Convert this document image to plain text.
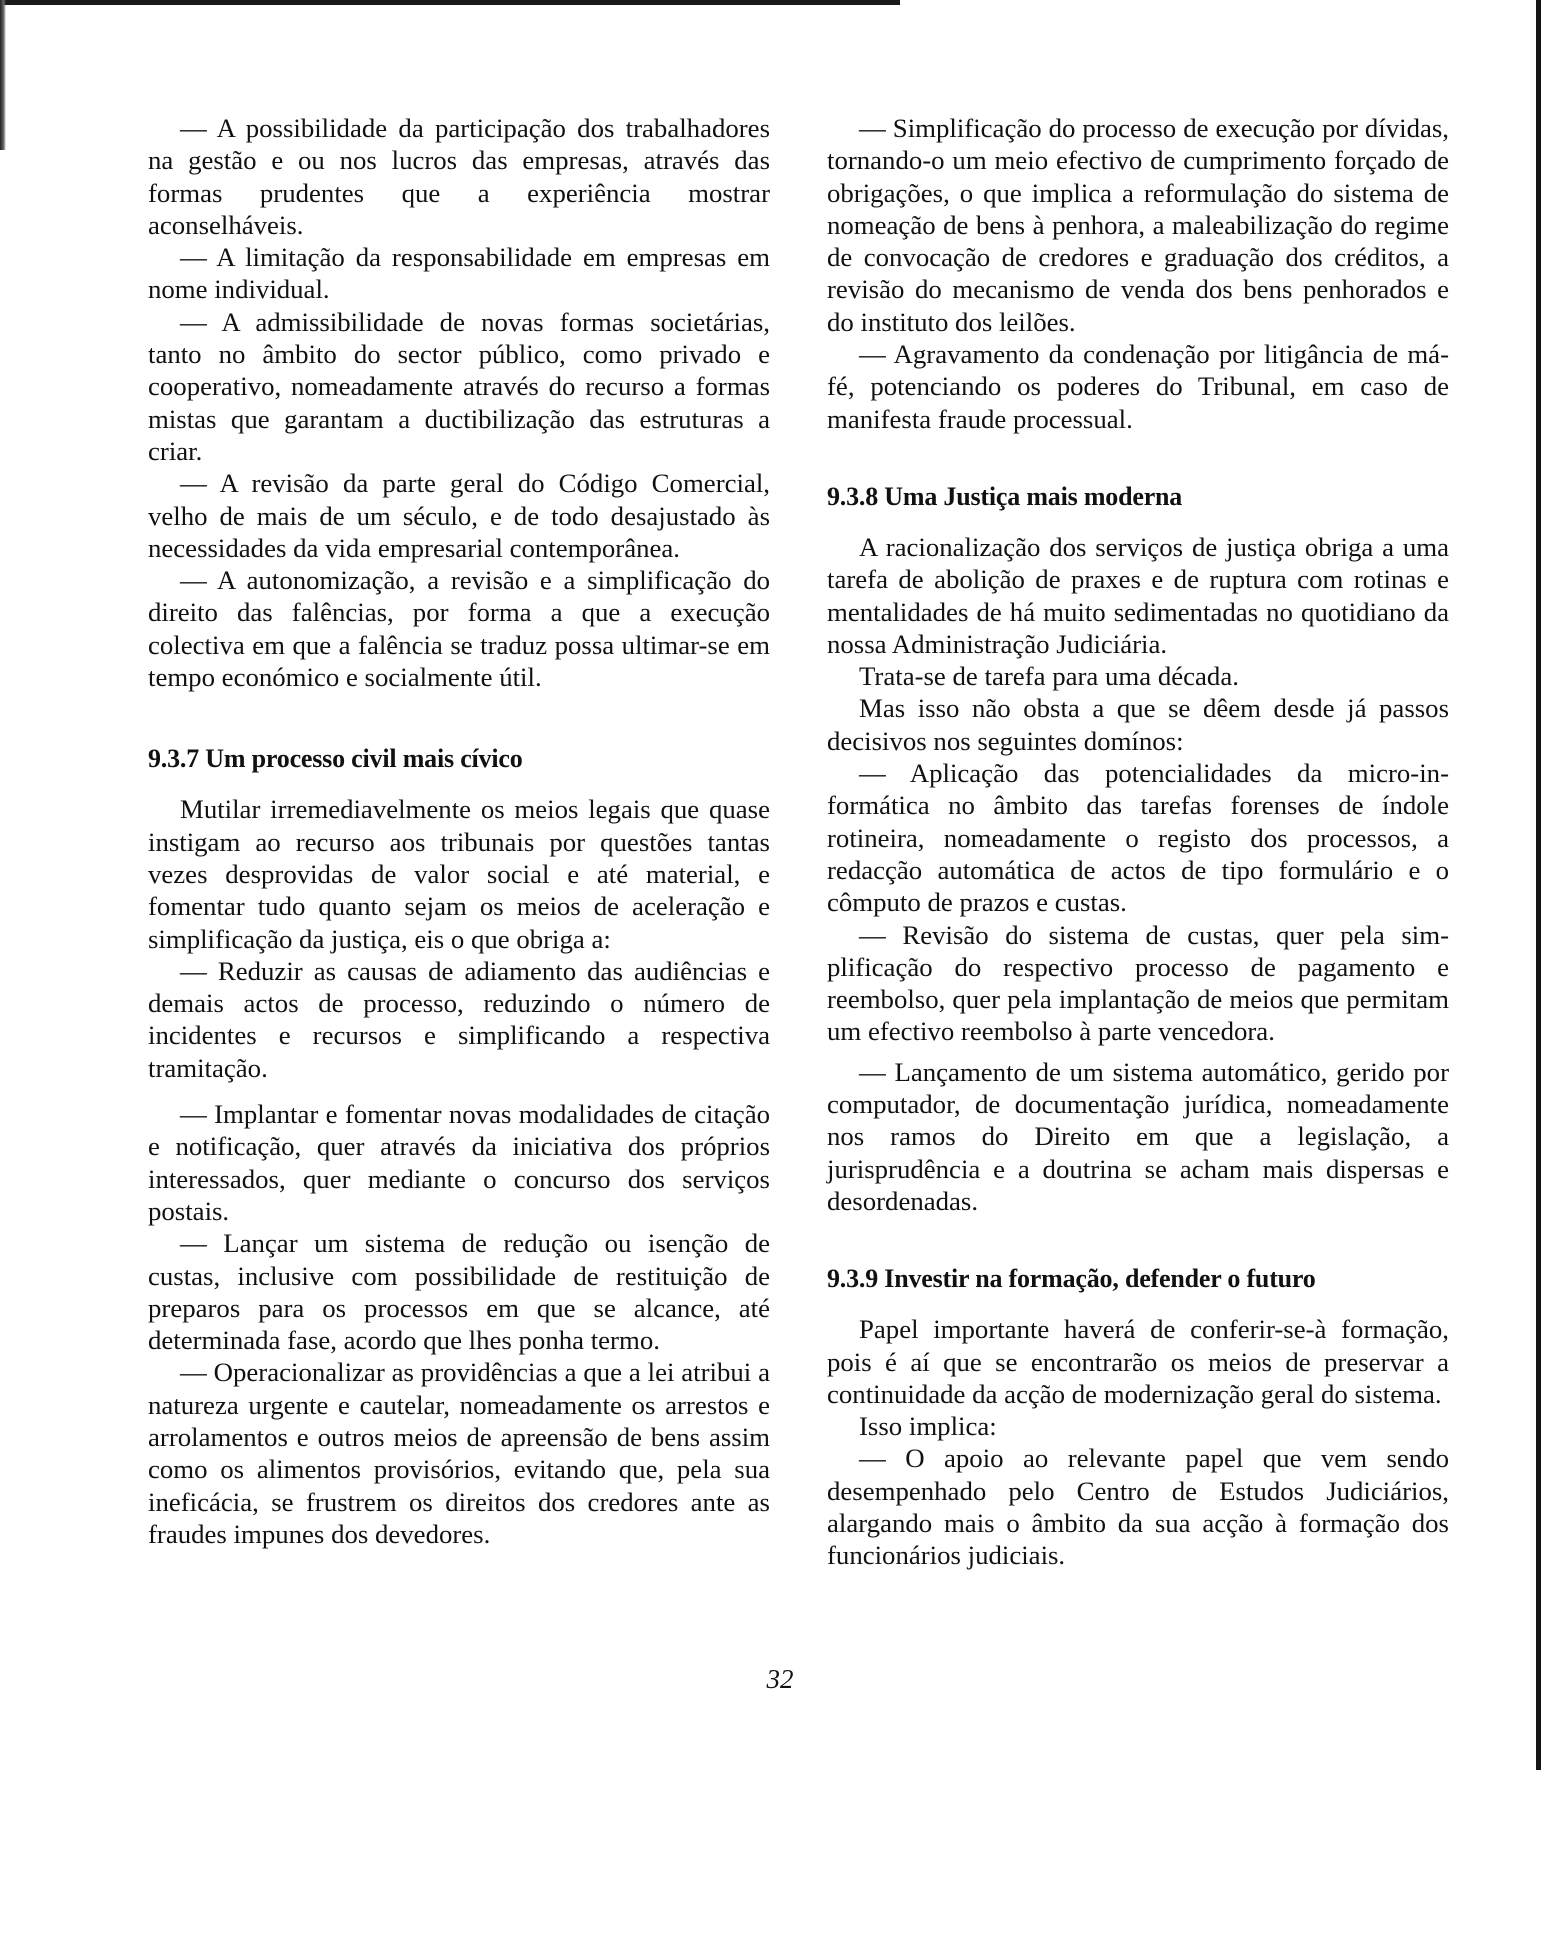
— A possibilidade da participação dos trabalhadores na gestão e ou nos lucros das empresas, através das formas prudentes que a experiência mostrar aconselháveis.

— A limitação da responsabilidade em empresas em nome individual.

— A admissibilidade de novas formas societárias, tanto no âmbito do sector público, como privado e cooperativo, nomeadamente através do recurso a formas mistas que garantam a ductibilização das estruturas a criar.

— A revisão da parte geral do Código Comercial, velho de mais de um século, e de todo desajustado às necessidades da vida empresarial contemporânea.

— A autonomização, a revisão e a simplificação do direito das falências, por forma a que a execução colectiva em que a falência se traduz possa ultimar-se em tempo económico e socialmente útil.

9.3.7 Um processo civil mais cívico

Mutilar irremediavelmente os meios legais que quase instigam ao recurso aos tribunais por questões tantas vezes desprovidas de valor social e até material, e fomentar tudo quanto sejam os meios de aceleração e simplificação da justiça, eis o que obriga a:

— Reduzir as causas de adiamento das audiências e demais actos de processo, reduzindo o número de incidentes e recursos e simplificando a respectiva tramitação.

— Implantar e fomentar novas modalidades de citação e notificação, quer através da iniciativa dos próprios interessados, quer mediante o concurso dos serviços postais.

— Lançar um sistema de redução ou isenção de custas, inclusive com possibilidade de restituição de preparos para os processos em que se alcance, até determinada fase, acordo que lhes ponha termo.

— Operacionalizar as providências a que a lei atribui a natureza urgente e cautelar, nomeadamente os arrestos e arrolamentos e outros meios de apreensão de bens assim como os alimentos provisórios, evitando que, pela sua ineficácia, se frustrem os direitos dos credores ante as fraudes impunes dos devedores.

— Simplificação do processo de execução por dívidas, tornando-o um meio efectivo de cumprimento forçado de obrigações, o que implica a reformulação do sistema de nomeação de bens à penhora, a maleabilização do regime de convocação de credores e graduação dos créditos, a revisão do mecanismo de venda dos bens penhorados e do instituto dos leilões.

— Agravamento da condenação por litigância de má-fé, potenciando os poderes do Tribunal, em caso de manifesta fraude processual.

9.3.8 Uma Justiça mais moderna

A racionalização dos serviços de justiça obriga a uma tarefa de abolição de praxes e de ruptura com rotinas e mentalidades de há muito sedimentadas no quotidiano da nossa Administração Judiciária.

Trata-se de tarefa para uma década.

Mas isso não obsta a que se dêem desde já passos decisivos nos seguintes domínos:

— Aplicação das potencialidades da micro-informática no âmbito das tarefas forenses de índole rotineira, nomeadamente o registo dos processos, a redacção automática de actos de tipo formulário e o cômputo de prazos e custas.

— Revisão do sistema de custas, quer pela simplificação do respectivo processo de pagamento e reembolso, quer pela implantação de meios que permitam um efectivo reembolso à parte vencedora.

— Lançamento de um sistema automático, gerido por computador, de documentação jurídica, nomeadamente nos ramos do Direito em que a legislação, a jurisprudência e a doutrina se acham mais dispersas e desordenadas.

9.3.9 Investir na formação, defender o futuro

Papel importante haverá de conferir-se-à formação, pois é aí que se encontrarão os meios de preservar a continuidade da acção de modernização geral do sistema.

Isso implica:

— O apoio ao relevante papel que vem sendo desempenhado pelo Centro de Estudos Judiciários, alargando mais o âmbito da sua acção à formação dos funcionários judiciais.

32
